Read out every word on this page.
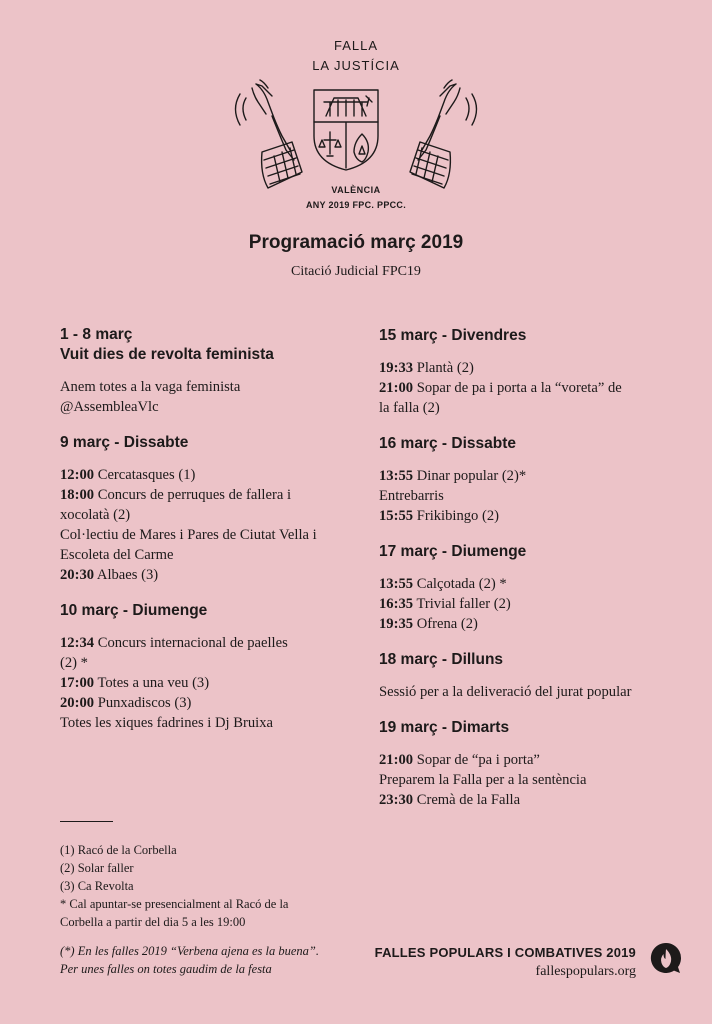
FALLA
LA JUSTÍCIA
VALÈNCIA
ANY 2019 FPC. PPCC.
Programació març 2019
Citació Judicial FPC19
1 - 8 març
Vuit dies de revolta feminista
Anem totes a la vaga feminista
@AssembleaVlc
9 març - Dissabte
12:00 Cercatasques (1)
18:00 Concurs de perruques de fallera i
xocolatà (2)
Col·lectiu de Mares i Pares de Ciutat Vella i
Escoleta del Carme
20:30 Albaes (3)
10 març - Diumenge
12:34 Concurs internacional de paelles
(2) *
17:00 Totes a una veu (3)
20:00 Punxadiscos (3)
Totes les xiques fadrines i Dj Bruixa
15 març - Divendres
19:33 Plantà (2)
21:00 Sopar de pa i porta a la “voreta” de
la falla (2)
16 març - Dissabte
13:55 Dinar popular (2)*
Entrebarris
15:55 Frikibingo (2)
17 març - Diumenge
13:55 Calçotada (2) *
16:35 Trivial faller (2)
19:35 Ofrena (2)
18 març - Dilluns
Sessió per a la deliveració del jurat popular
19 març - Dimarts
21:00 Sopar de “pa i porta”
Preparem la Falla per a la sentència
23:30 Cremà de la Falla
(1) Racó de la Corbella
(2) Solar faller
(3) Ca Revolta
* Cal apuntar-se presencialment al Racó de la
Corbella a partir del dia 5 a les 19:00
(*) En les falles 2019 “Verbena ajena es la buena”.
Per unes falles on totes gaudim de la festa
FALLES POPULARS I COMBATIVES 2019
fallespopulars.org
